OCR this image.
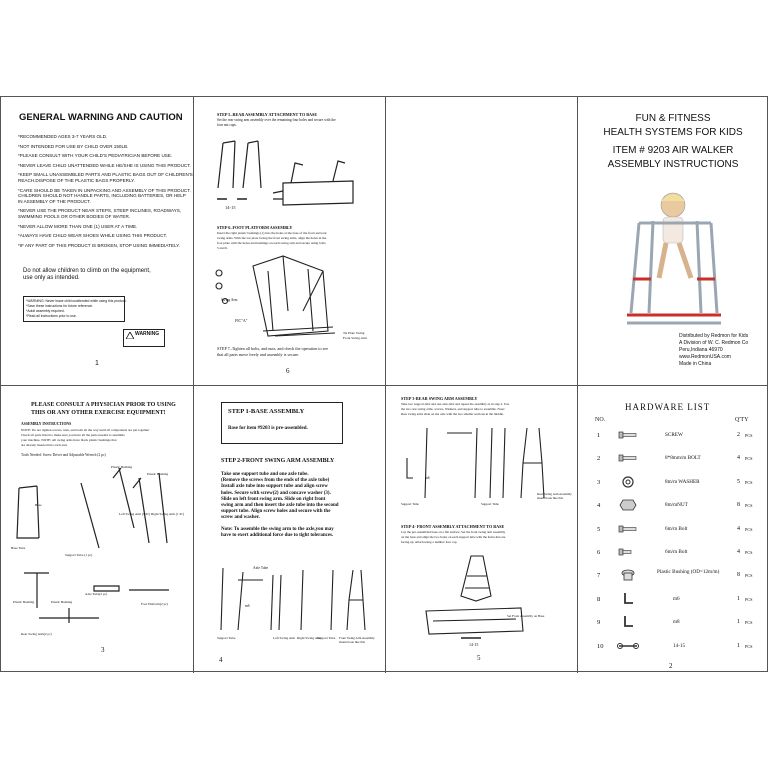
GENERAL WARNING AND CAUTION
*RECOMMENDED AGES 3-7 YEARS OLD.
*NOT INTENDED FOR USE BY CHILD OVER 150LB.
*PLEASE CONSULT WITH YOUR CHILD'S PEDIATRICIAN BEFORE USE.
*NEVER LEAVE CHILD UNATTENDED WHILE HE/SHE IS USING THIS PRODUCT.
*KEEP SMALL UNASSEMBLED PARTS AND PLASTIC BAGS OUT OF CHILDREN'S
REACH.DISPOSE OF THE PLASTIC BAGS PROPERLY.
*CARE SHOULD BE TAKEN IN UNPACKING AND ASSEMBLY OF THIS PRODUCT.
CHILDREN SHOULD NOT HANDLE PARTS, INCLUDING BATTERIES, OR HELP
IN ASSEMBLY OF THE PRODUCT.
*NEVER USE THE PRODUCT NEAR STEPS, STEEP INCLINES, ROADWAYS,
SWIMMING POOLS OR OTHER BODIES OF WATER.
*NEVER ALLOW MORE THAN ONE (1) USER AT A TIME.
*ALWAYS HAVE CHILD WEAR SHOES WHILE USING THIS PRODUCT.
*IF ANY PART OF THIS PRODUCT IS BROKEN, STOP USING IMMEDIATELY.
Do not allow children to climb on the equipment,
use only as intended.
*WARNING: Never leave child unattended while using this product.
*Save these instructions for future reference.
*Adult assembly required.
*Read all instructions prior to use.
WARNING
1
STEP 5–REAR ASSEMBLY ATTACHMENT TO BASE
Set the rear swing arm assembly over the remaining four holes and secure with the
four nut caps.
14-15
STEP 6–FOOT PLATFORM ASSEMBLY
Insert the right plastic bushings (1) into the holes at the base of the front and rear
swing arms. With the toe plate facing the front swing arms, align the holes in the
foot plate with the holes and bushings on each swing arm and secure using bolts
5 and 6.
Swing Arm
FIC"A"
Tat Plate Swing
Front Swing Arm
STEP 7–Tighten all bolts, and nuts, and check the operation to see
that all parts move freely and assembly is secure.
6
FUN & FITNESS
HEALTH SYSTEMS FOR KIDS
ITEM # 9203 AIR WALKER
ASSEMBLY INSTRUCTIONS
Distributed by Redmon for Kids
A Division of W. C. Redmon Co
Peru,Indiana 46970
www.RedmonUSA.com
Made in China
PLEASE CONSULT A PHYSICIAN PRIOR TO USING
THIS OR ANY OTHER EXERCISE EQUIPMENT!
ASSEMBLY INSTRUCTIONS
NOTE: Do not tighten screws, nuts, and bolts all the way until all components are put together
Check all parts listed to make sure you have all the parts needed to assemble
your machine. NOTE: All swing arms have black plastic bushings that
are already inserted into each end.
Tools Needed: Screw Driver and Adjustable Wrench (2 pc)
Base
Support Tube (1 pc)
Plastic Bushing
Plastic Bushing
Left Swing Arm (1 Pc) Right Swing Arm (1 Pc)
Base Tube
Axle Tube(2 pc)
Plastic Bushing	Plastic Bushing	Foot Platform(2 pc)
Rear Swing Arm(2 pc)
3
STEP 1-BASE ASSEMBLY
Base for item #9203 is pre-assembled.
STEP 2-FRONT SWING ARM ASSEMBLY
Take one support tube and one axle tube.
(Remove the screws from the ends of the axle tube)
Install axle tube into support tube and align screw
holes. Secure with screw(2) and concave washer (3).
Slide on left front swing arm. Slide on right front
swing arm and then insert the axle tube into the second
support tube. Align screw holes and secure with the
screw and washer.
Note: To assemble the swing arm to the axle,you may
have to exert additional force due to tight tolerances.
Axle Tube
m6
Support Tube	Left Swing Arm Right Swing Arm
Support Tube Front Swing Arm Assembly should look like this
4
STEP 3-REAR SWING ARM ASSEMBLY
Take two support tube and one axle tube and repeat the assembly as in step 2. Use
the two rear swing arms, screws, Washers, and support tube to assemble. Note:
Rear swing arms slide on the axle with the two smaller sections in the middle.
m6
Support Tube	Support Tube
Rear Swing Arm Assembly should look like this
STEP 4- FRONT ASSEMBLY ATTACHMENT TO BASE
Lay the pre-assembled base on a flat surface. Set the front swing arm assembly
on the base and align the two holes on each support tube with the holes that are
facing up. Attach using a number four cap.
14-15
Set Front Assembly on Base
5
HARDWARE LIST
NO.	Q'TY
1	SCREW	2 PCS
2	8*8mm/m BOLT	4 PCS
3	8m/m WASHER	5 PCS
4	8m/mNUT	8 PCS
5	6m/m Bolt	4 PCS
6	6m/m Bolt	4 PCS
7	Plastic Bushing (OD=12m/m)	8 PCS
8	m6	1 PCS
9	m8	1 PCS
10	14-15	1 PCS
2
